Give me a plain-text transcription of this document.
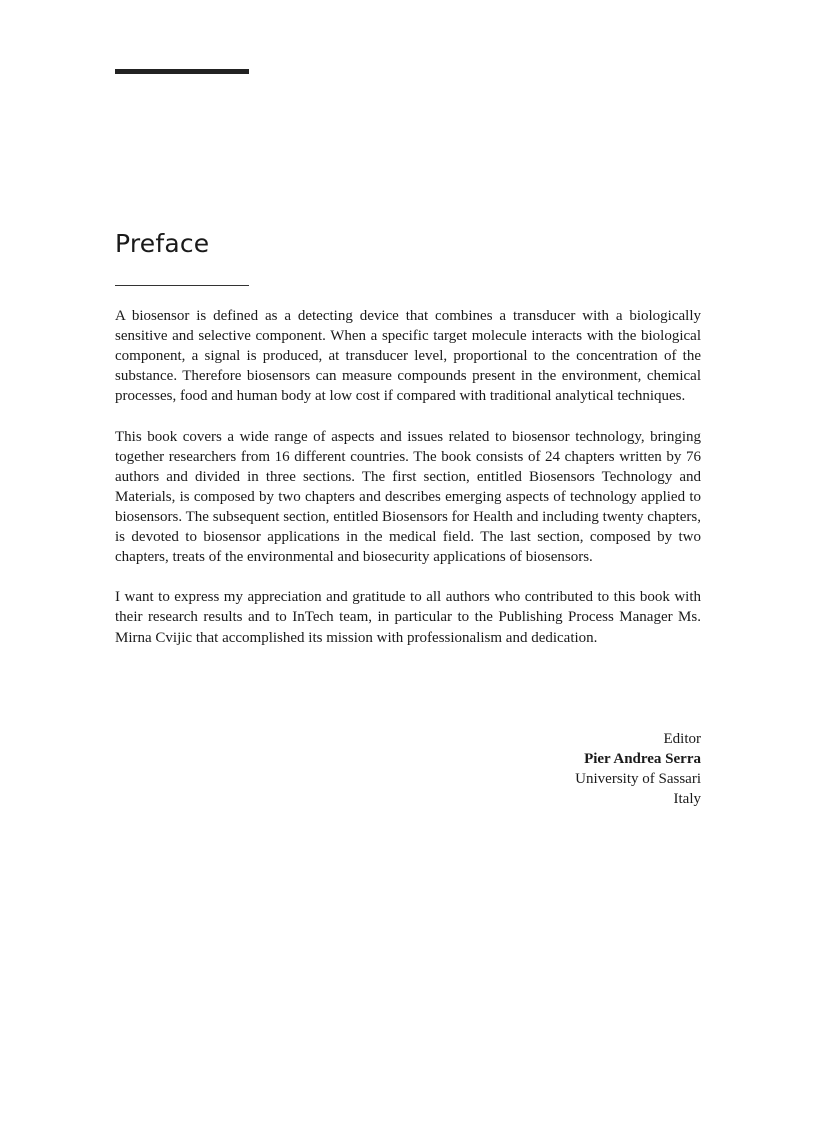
Preface

A biosensor is defined as a detecting device that combines a transducer with a biologically sensitive and selective component. When a specific target molecule interacts with the biological component, a signal is produced, at transducer level, proportional to the concentration of the substance. Therefore biosensors can measure compounds present in the environment, chemical processes, food and human body at low cost if compared with traditional analytical techniques.

This book covers a wide range of aspects and issues related to biosensor technology, bringing together researchers from 16 different countries. The book consists of 24 chapters written by 76 authors and divided in three sections. The first section, entitled Biosensors Technology and Materials, is composed by two chapters and describes emerging aspects of technology applied to biosensors. The subsequent section, entitled Biosensors for Health and including twenty chapters, is devoted to biosensor applications in the medical field. The last section, composed by two chapters, treats of the environmental and biosecurity applications of biosensors.

I want to express my appreciation and gratitude to all authors who contributed to this book with their research results and to InTech team, in particular to the Publishing Process Manager Ms. Mirna Cvijic that accomplished its mission with professionalism and dedication.

Editor
Pier Andrea Serra
University of Sassari
Italy
